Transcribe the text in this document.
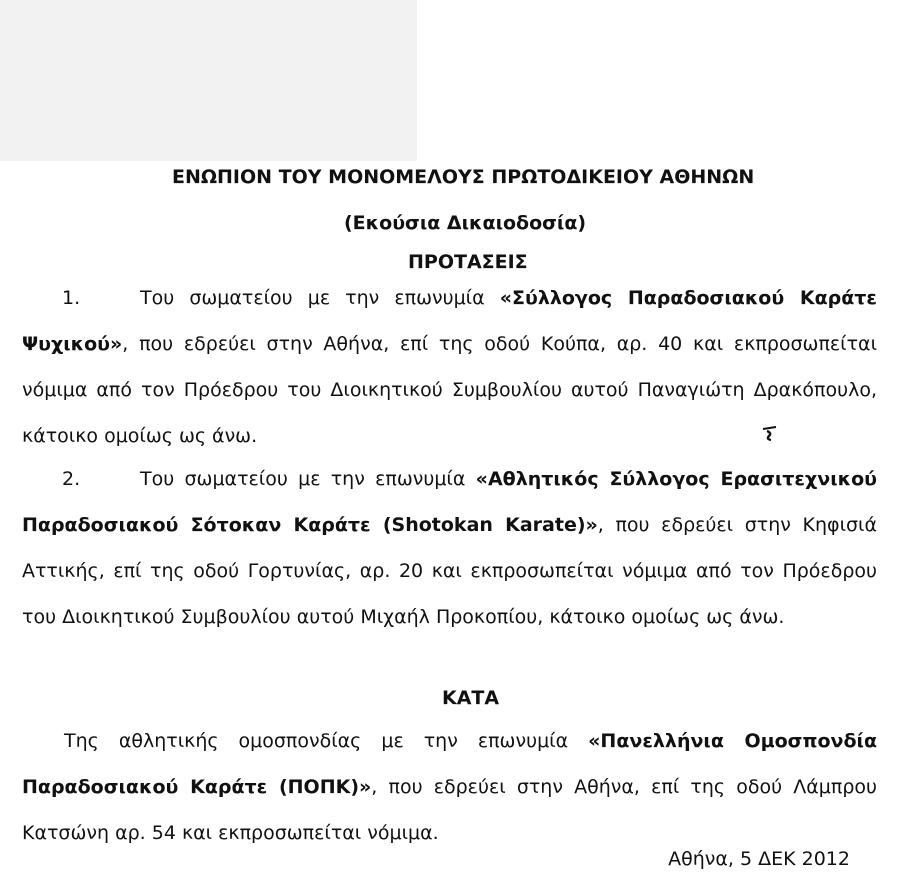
ΕΝΩΠΙΟΝ ΤΟΥ ΜΟΝΟΜΕΛΟΥΣ ΠΡΩΤΟΔΙΚΕΙΟΥ ΑΘΗΝΩΝ
(Εκούσια Δικαιοδοσία)
ΠΡΟΤΑΣΕΙΣ

1.	Του σωματείου με την επωνυμία «Σύλλογος Παραδοσιακού Καράτε Ψυχικού», που εδρεύει στην Αθήνα, επί της οδού Κούπα, αρ. 40 και εκπροσωπείται νόμιμα από τον Πρόεδρου του Διοικητικού Συμβουλίου αυτού Παναγιώτη Δρακόπουλο, κάτοικο ομοίως ως άνω.

2.	Του σωματείου με την επωνυμία «Αθλητικός Σύλλογος Ερασιτεχνικού Παραδοσιακού Σότοκαν Καράτε (Shotokan Karate)», που εδρεύει στην Κηφισιά Αττικής, επί της οδού Γορτυνίας, αρ. 20 και εκπροσωπείται νόμιμα από τον Πρόεδρου του Διοικητικού Συμβουλίου αυτού Μιχαήλ Προκοπίου, κάτοικο ομοίως ως άνω.

ΚΑΤΑ

Της αθλητικής ομοσπονδίας με την επωνυμία «Πανελλήνια Ομοσπονδία Παραδοσιακού Καράτε (ΠΟΠΚ)», που εδρεύει στην Αθήνα, επί της οδού Λάμπρου Κατσώνη αρ. 54 και εκπροσωπείται νόμιμα.

Αθήνα, 5 ΔΕΚ 2012
